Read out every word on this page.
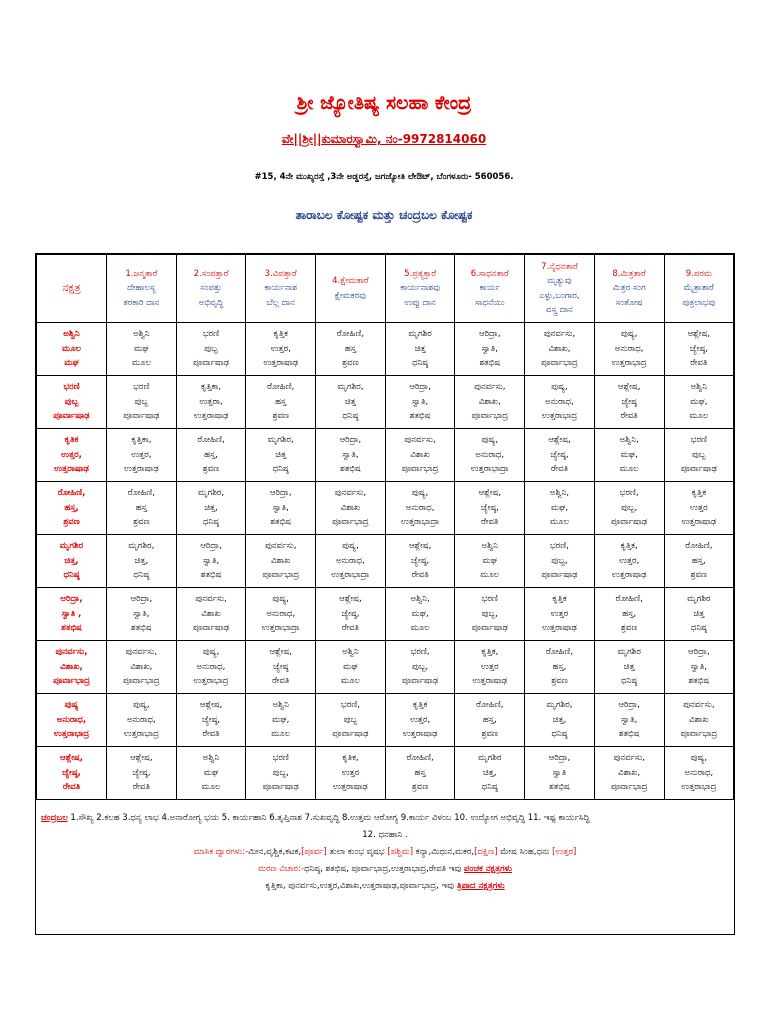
ಶ್ರೀ ಜ್ಯೋತಿಷ್ಯ ಸಲಹಾ ಕೇಂದ್ರ
ವೇ||ಶ್ರೀ||ಕುಮಾರಸ್ವಾಮಿ, ನಂ-9972814060
#15, 4ನೇ ಮುಖ್ಯರಸ್ತೆ ,3ನೇ ಅಡ್ಡರಸ್ತೆ, ಜಗಜ್ಯೋತಿ ಲೇಔಟ್, ಬೆಂಗಳೂರು- 560056.
ತಾರಾಬಲ ಕೋಷ್ಟಕ ಮತ್ತು ಚಂದ್ರಬಲ ಕೋಷ್ಟಕ
ನಕ್ಷತ್ರ	1.ಜನ್ಮತಾರೆ
ದೇಹಾಲಸ್ಯ
ತರಕಾರಿ ದಾನ	2.ಸಂಪತ್ತಾರೆ
ಸಂಪತ್ತು
ಅಭಿವೃದ್ಧಿ	3.ವಿಪತ್ತಾರೆ
ಕಾರ್ಯನಾಶ
ಬೆಲ್ಲ ದಾನ	4.ಕ್ಷೇಮತಾರೆ
ಕ್ಷೇಮಕರವು	5.ಪ್ರತ್ಯಕ್ತಾರೆ
ಕಾರ್ಯನಾಶವು
ಉಪ್ಪು ದಾನ	6.ಸಾಧನತಾರೆ
ಕಾರ್ಯ
ಸಾಧನೆಯು	7.ನೈಧನತಾರೆ
ಮೃತ್ಯುವು
ಎಳ್ಳು,ಬಂಗಾರ,
ವಸ್ತ್ರ ದಾನ	8.ಮಿತ್ರತಾರೆ
ಮಿತ್ರರ ಸಂಗ
ಸಂತೋಷ	9.ಪರಮ
ಮೈತ್ರಾತಾರೆ
ಪುತ್ರಲಾಭವು

ಅಶ್ವಿನಿ
ಮೂಲ
ಮಘ	ಅಶ್ವಿನಿ
ಮಘ
ಮೂಲ	ಭರಣಿ
ಪುಬ್ಬ
ಪೂರ್ವಾಷಾಢ	ಕೃತ್ತಿಕ
ಉತ್ತರ,
ಉತ್ತರಾಷಾಢ	ರೋಹಿಣಿ,
ಹಸ್ತ
ಶ್ರವಣ	ಮೃಗಶಿರ
ಚಿತ್ತ
ಧನಿಷ್ಠ	ಆರಿದ್ರಾ,
ಸ್ವಾತಿ,
ಶತಭಿಷ	ಪುನರ್ವಸು,
ವಿಶಾಖ,
ಪೂರ್ವಾಭಾದ್ರ	ಪುಷ್ಯ,
ಅನುರಾಧ,
ಉತ್ತರಾಭಾದ್ರ	ಆಶ್ಲೇಷ,
ಜ್ಯೇಷ್ಠ,
ರೇವತಿ

ಭರಣಿ
ಪುಬ್ಬ
ಪೂರ್ವಾಷಾಢ	ಭರಣಿ
ಪುಬ್ಬ
ಪೂರ್ವಾಷಾಢ	ಕೃತ್ತಿಕಾ,
ಉತ್ತರಾ,
ಉತ್ತರಾಷಾಢ	ರೋಹಿಣಿ,
ಹಸ್ತ
ಶ್ರವಣ	ಮೃಗಶಿರ,
ಚಿತ್ತ
ಧನಿಷ್ಠ	ಆರಿದ್ರಾ,
ಸ್ವಾತಿ,
ಶತಭಿಷ	ಪುನರ್ವಸು,
ವಿಶಾಖ,
ಪೂರ್ವಾಭಾದ್ರ	ಪುಷ್ಯ,
ಅನುರಾಧ,
ಉತ್ತರಾಭಾದ್ರ	ಆಶ್ಲೇಷ,
ಜ್ಯೇಷ್ಠ
ರೇವತಿ	ಅಶ್ವಿನಿ
ಮಘ,
ಮೂಲ

ಕೃತಿಕ
ಉತ್ತರ,
ಉತ್ತರಾಷಾಢ	ಕೃತ್ತಿಕಾ,
ಉತ್ತರ,
ಉತ್ತರಾಷಾಢ	ರೋಹಿಣಿ,
ಹಸ್ತ,
ಶ್ರವಣ	ಮೃಗಶಿರ,
ಚಿತ್ತ
ಧನಿಷ್ಠ	ಆರಿದ್ರಾ,
ಸ್ವಾತಿ,
ಶತಭಿಷ	ಪುನರ್ವಸು,
ವಿಶಾಖ
ಪೂರ್ವಾಭಾದ್ರ	ಪುಷ್ಯ,
ಅನುರಾಧ,
ಉತ್ತರಾಭಾದ್ರಾ	ಆಶ್ಲೇಷ,
ಜ್ಯೇಷ್ಠ,
ರೇವತಿ	ಅಶ್ವಿನಿ,
ಮಘ,
ಮೂಲ	ಭರಣಿ
ಪುಬ್ಬ
ಪೂರ್ವಾಷಾಢ

ರೋಹಿಣಿ,
ಹಸ್ತ,
ಶ್ರವಣ	ರೋಹಿಣಿ,
ಹಸ್ತ
ಶ್ರವಣ	ಮೃಗಶಿರ,
ಚಿತ್ತ,
ಧನಿಷ್ಠ	ಆರಿದ್ರಾ,
ಸ್ವಾತಿ,
ಶತಭಿಷ	ಪುನರ್ವಸು,
ವಿಶಾಖ
ಪೂರ್ವಾಭಾದ್ರ	ಪುಷ್ಯ,
ಅನುರಾಧ,
ಉತ್ತರಾಭಾದ್ರಾ	ಆಶ್ಲೇಷ,
ಜ್ಯೇಷ್ಠ,
ರೇವತಿ	ಅಶ್ವಿನಿ,
ಮಘ,
ಮೂಲ	ಭರಣಿ,
ಪುಬ್ಬ,
ಪೂರ್ವಾಷಾಢ	ಕೃತ್ತಿಕ
ಉತ್ತರ
ಉತ್ತರಾಷಾಢ

ಮೃಗಶಿರ
ಚಿತ್ತ,
ಧನಿಷ್ಠ	ಮೃಗಶಿರ,
ಚಿತ್ತ,
ಧನಿಷ್ಠ	ಆರಿದ್ರಾ,
ಸ್ವಾತಿ,
ಶತಭಿಷ	ಪುನರ್ವಸು,
ವಿಶಾಖ
ಪೂರ್ವಾಭಾದ್ರ	ಪುಷ್ಯ,
ಅನುರಾಧ,
ಉತ್ತರಾಭಾದ್ರಾ	ಆಶ್ಲೇಷ,
ಜ್ಯೇಷ್ಠ,
ರೇವತಿ	ಅಶ್ವಿನಿ
ಮಘ
ಮೂಲ	ಭರಣಿ,
ಪುಬ್ಬ,
ಪೂರ್ವಾಷಾಢ	ಕೃತ್ತಿಕ,
ಉತ್ತರ,
ಉತ್ತರಾಷಾಢ	ರೋಹಿಣಿ,
ಹಸ್ತ,
ಶ್ರವಣ

ಆರಿದ್ರಾ,
ಸ್ವಾತಿ ,
ಶತಭಿಷ	ಆರಿದ್ರಾ,
ಸ್ವಾತಿ,
ಶತಭಿಷ	ಪುನರ್ವಸು,
ವಿಶಾಖ
ಪೂರ್ವಾಷಾಢ	ಪುಷ್ಯ,
ಅನುರಾಧ,
ಉತ್ತರಾಭಾದ್ರಾ	ಆಶ್ಲೇಷ,
ಜ್ಯೇಷ್ಠ,
ರೇವತಿ	ಅಶ್ವಿನಿ,
ಮಘ,
ಮೂಲ	ಭರಣಿ
ಪುಬ್ಬ,
ಪೂರ್ವಾಷಾಢ	ಕೃತ್ತಿಕ
ಉತ್ತರ
ಉತ್ತರಾಷಾಢ	ರೋಹಿಣಿ,
ಹಸ್ತ,
ಶ್ರವಣ	ಮೃಗಶಿರ
ಚಿತ್ತ
ಧನಿಷ್ಠ

ಪುನರ್ವಸು,
ವಿಶಾಖ,
ಪೂರ್ವಾಭಾದ್ರ	ಪುನರ್ವಸು,
ವಿಶಾಖ,
ಪೂರ್ವಾಭಾದ್ರ	ಪುಷ್ಯ,
ಅನುರಾಧ,
ಉತ್ತರಾಭಾದ್ರ	ಆಶ್ಲೇಷ,
ಜ್ಯೇಷ್ಠ
ರೇವತಿ	ಅಶ್ವಿನಿ
ಮಘ
ಮೂಲ	ಭರಣಿ,
ಪುಬ್ಬ,
ಪೂರ್ವಾಷಾಢ	ಕೃತ್ತಿಕ,
ಉತ್ತರ
ಉತ್ತರಾಷಾಢ	ರೋಹಿಣಿ,
ಹಸ್ತ,
ಶ್ರವಣ	ಮೃಗಶಿರ
ಚಿತ್ತ
ಧನಿಷ್ಠ	ಆರಿದ್ರಾ,
ಸ್ವಾತಿ,
ಶತಭಿಷ

ಪುಷ್ಯ
ಅನುರಾಧ,
ಉತ್ತರಾಭಾದ್ರ	ಪುಷ್ಯ,
ಅನುರಾಧ,
ಉತ್ತರಾಭಾದ್ರ	ಆಶ್ಲೇಷ,
ಜ್ಯೇಷ್ಠ,
ರೇವತಿ	ಅಶ್ವಿನಿ
ಮಘ,
ಮೂಲ	ಭರಣಿ,
ಪುಬ್ಬ
ಪೂರ್ವಾಷಾಢ	ಕೃತ್ತಿಕ
ಉತ್ತರ,
ಉತ್ತರಾಷಾಢ	ರೋಹಿಣಿ,
ಹಸ್ತ,
ಶ್ರವಣ	ಮೃಗಶಿರ,
ಚಿತ್ತ,
ಧನಿಷ್ಠ	ಆರಿದ್ರಾ,
ಸ್ವಾತಿ,
ಶತಭಿಷ	ಪುನರ್ವಸು,
ವಿಶಾಖ
ಪೂರ್ವಾಭಾದ್ರ

ಆಶ್ಲೇಷ,
ಜ್ಯೇಷ್ಠ,
ರೇವತಿ	ಆಶ್ಲೇಷ,
ಜ್ಯೇಷ್ಠ,
ರೇವತಿ	ಅಶ್ವಿನಿ
ಮಘ
ಮೂಲ	ಭರಣಿ
ಪುಬ್ಬ,
ಪೂರ್ವಾಷಾಢ	ಕೃತಿಕ,
ಉತ್ತರ
ಉತ್ತರಾಷಾಢ	ರೋಹಿಣಿ,
ಹಸ್ತ
ಶ್ರವಣ	ಮೃಗಶಿರ
ಚಿತ್ತ,
ಧನಿಷ್ಠ	ಆರಿದ್ರಾ,
ಸ್ವಾತಿ
ಶತಭಿಷ	ಪುನರ್ವಸು,
ವಿಶಾಖ,
ಪೂರ್ವಾಭಾದ್ರ	ಪುಷ್ಯ,
ಅನುರಾಧ,
ಉತ್ತರಾಭಾದ್ರ
ಚಂದ್ರಬಲ 1.ಸೌಖ್ಯ 2.ಕಲಹ 3.ಧನ್ಯ ಲಾಭ 4.ಅನಾರೋಗ್ಯ ಭಯ 5. ಕಾರ್ಯಹಾನಿ 6.ತೃಪ್ತಿನಾಶ 7.ಸುಖವೃದ್ಧಿ 8.ಉತ್ತಮ ಆರೋಗ್ಯ 9.ಕಾರ್ಯ ವಿಳಂಬ 10. ಉದ್ಯೋಗ ಅಭಿವೃದ್ಧಿ 11. ಇಷ್ಟ ಕಾರ್ಯಸಿದ್ಧಿ
12. ಧನಹಾನಿ .
ಮಾಸಿಕ ದ್ವಾರಗಳು:-ಮೀನ,ವೃಶ್ಚಿಕ,ಕಟಕ,[ಪೂರ್ವ] ತುಲಾ ಕುಂಭ ವೃಷಭ [ಪಶ್ಚಿಮ] ಕನ್ಯಾ,ಮಿಥುನ,ಮಕರ,[ದಕ್ಷಿಣ] ಮೇಷ ಸಿಂಹ,ಧನು [ಉತ್ತರ]
ಮರಣ ವಿಚಾರ:-ಧನಿಷ್ಠ, ಶತಭಿಷ, ಪೂರ್ವಾಭಾದ್ರ,ಉತ್ತರಾಭಾದ್ರ,ರೇವತಿ ಇವು ಪಂಚಕ ನಕ್ಷತ್ರಗಳು
ಕೃತ್ತಿಕಾ, ಪುನರ್ವಸು,ಉತ್ತರ,ವಿಶಾಖ,ಉತ್ತರಾಷಾಢ,ಪೂರ್ವಾಭಾದ್ರ, ಇವು ತ್ರಿಪಾದ ನಕ್ಷತ್ರಗಳು
